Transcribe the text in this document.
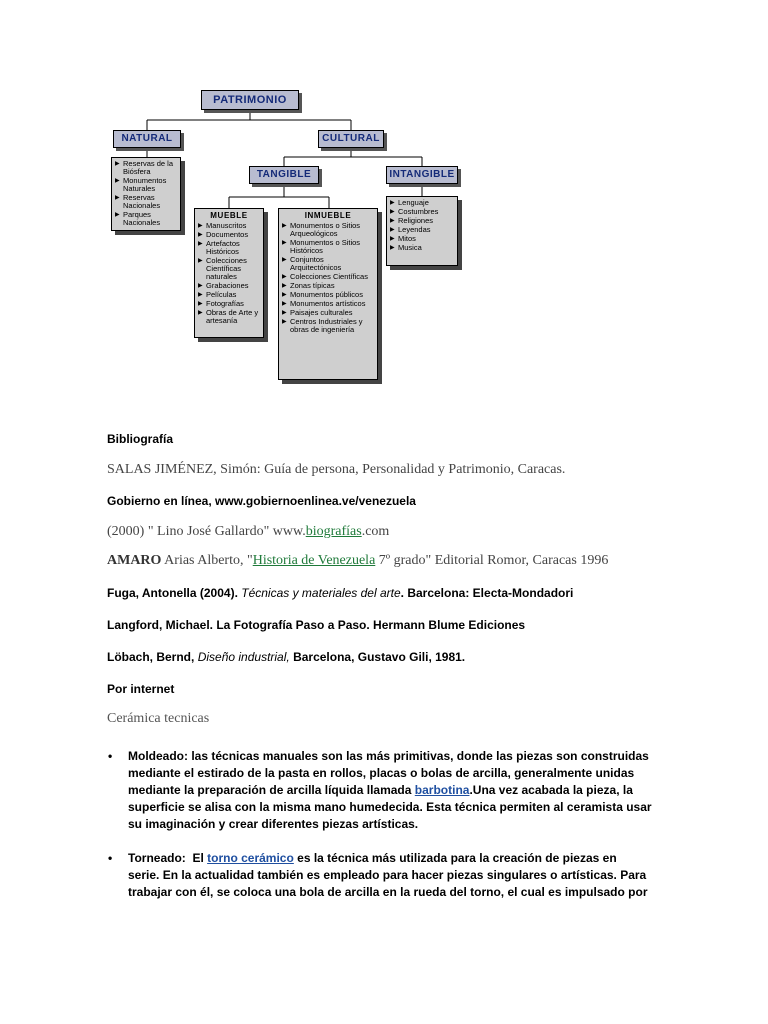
PATRIMONIO
NATURAL	CULTURAL
▶ Reservas de la Biósfera
▶ Monumentos Naturales
▶ Reservas Nacionales
▶ Parques Nacionales
TANGIBLE	INTANGIBLE
▶ Lenguaje
▶ Costumbres
▶ Religiones
▶ Leyendas
▶ Mitos
▶ Musica
MUEBLE
▶ Manuscritos
▶ Documentos
▶ Artefactos Históricos
▶ Colecciones Científicas naturales
▶ Grabaciones
▶ Películas
▶ Fotografías
▶ Obras de Arte y artesanía
INMUEBLE
▶ Monumentos o Sitios Arqueológicos
▶ Monumentos o Sitios Históricos
▶ Conjuntos Arquitectónicos
▶ Colecciones Científicas
▶ Zonas típicas
▶ Monumentos públicos
▶ Monumentos artísticos
▶ Paisajes culturales
▶ Centros Industriales y obras de ingeniería
Bibliografía
SALAS JIMÉNEZ, Simón: Guía de persona, Personalidad y Patrimonio, Caracas.
Gobierno en línea, www.gobiernoenlinea.ve/venezuela
(2000) " Lino José Gallardo" www.biografías.com
AMARO Arias Alberto, "Historia de Venezuela 7º grado" Editorial Romor, Caracas 1996
Fuga, Antonella (2004). Técnicas y materiales del arte. Barcelona: Electa-Mondadori
Langford, Michael. La Fotografía Paso a Paso. Hermann Blume Ediciones
Löbach, Bernd, Diseño industrial, Barcelona, Gustavo Gili, 1981.
Por internet
Cerámica tecnicas
• Moldeado: las técnicas manuales son las más primitivas, donde las piezas son construidas
mediante el estirado de la pasta en rollos, placas o bolas de arcilla, generalmente unidas
mediante la preparación de arcilla líquida llamada barbotina.Una vez acabada la pieza, la
superficie se alisa con la misma mano humedecida. Esta técnica permiten al ceramista usar
su imaginación y crear diferentes piezas artísticas.
• Torneado:  El torno cerámico es la técnica más utilizada para la creación de piezas en
serie. En la actualidad también es empleado para hacer piezas singulares o artísticas. Para
trabajar con él, se coloca una bola de arcilla en la rueda del torno, el cual es impulsado por
